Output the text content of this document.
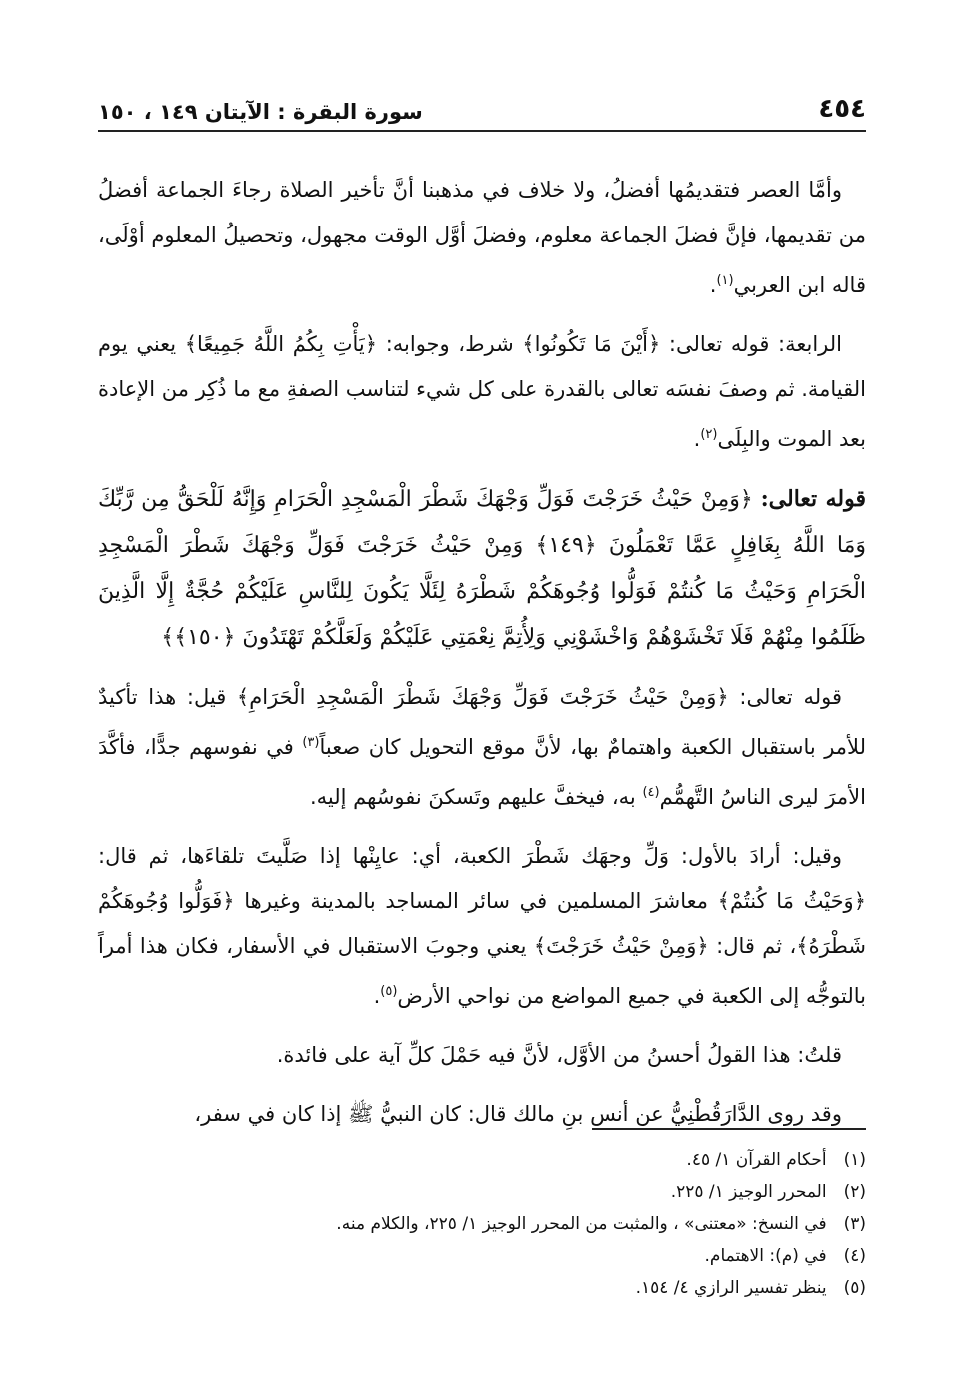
سورة البقرة : الآيتان ١٤٩ ، ١٥٠	٤٥٤

وأمَّا العصر فتقديمُها أفضلُ، ولا خلاف في مذهبنا أنَّ تأخير الصلاة رجاءَ الجماعة أفضلُ من تقديمها، فإنَّ فضلَ الجماعة معلوم، وفضلَ أوَّل الوقت مجهول، وتحصيلُ المعلوم أوْلَى، قاله ابن العربي$^{(١)}$.

الرابعة: قوله تعالى: ﴿أَيْنَ مَا تَكُونُوا﴾ شرط، وجوابه: ﴿يَأْتِ بِكُمُ اللَّهُ جَمِيعًا﴾ يعني يوم القيامة. ثم وصفَ نفسَه تعالى بالقدرة على كل شيء لتناسب الصفةِ مع ما ذُكِر من الإعادة بعد الموت والبِلَى$^{(٢)}$.

قوله تعالى: ﴿وَمِنْ حَيْثُ خَرَجْتَ فَوَلِّ وَجْهَكَ شَطْرَ الْمَسْجِدِ الْحَرَامِ وَإِنَّهُ لَلْحَقُّ مِن رَّبِّكَ وَمَا اللَّهُ بِغَافِلٍ عَمَّا تَعْمَلُونَ ﴿١٤٩﴾ وَمِنْ حَيْثُ خَرَجْتَ فَوَلِّ وَجْهَكَ شَطْرَ الْمَسْجِدِ الْحَرَامِ وَحَيْثُ مَا كُنتُمْ فَوَلُّوا وُجُوهَكُمْ شَطْرَهُ لِئَلَّا يَكُونَ لِلنَّاسِ عَلَيْكُمْ حُجَّةٌ إِلَّا الَّذِينَ ظَلَمُوا مِنْهُمْ فَلَا تَخْشَوْهُمْ وَاخْشَوْنِي وَلِأُتِمَّ نِعْمَتِي عَلَيْكُمْ وَلَعَلَّكُمْ تَهْتَدُونَ ﴿١٥٠﴾﴾

قوله تعالى: ﴿وَمِنْ حَيْثُ خَرَجْتَ فَوَلِّ وَجْهَكَ شَطْرَ الْمَسْجِدِ الْحَرَامِ﴾ قيل: هذا تأكيدٌ للأمر باستقبال الكعبة واهتمامٌ بها، لأنَّ موقع التحويل كان صعباً$^{(٣)}$ في نفوسهم جدًّا، فأكَّدَ الأمرَ ليرى الناسُ التَّهمُّم$^{(٤)}$ به، فيخفَّ عليهم وتَسكنَ نفوسُهم إليه.

وقيل: أرادَ بالأول: وَلِّ وجهَك شَطْرَ الكعبة، أي: عايِنْها إذا صَلَّيتَ تلقاءَها، ثم قال: ﴿وَحَيْثُ مَا كُنتُمْ﴾ معاشرَ المسلمين في سائر المساجد بالمدينة وغيرها ﴿فَوَلُّوا وُجُوهَكُمْ شَطْرَهُ﴾، ثم قال: ﴿وَمِنْ حَيْثُ خَرَجْتَ﴾ يعني وجوبَ الاستقبال في الأسفار، فكان هذا أمراً بالتوجُّه إلى الكعبة في جميع المواضع من نواحي الأرض$^{(٥)}$.

قلتُ: هذا القولُ أحسنُ من الأوَّل، لأنَّ فيه حَمْلَ كلِّ آية على فائدة.

وقد روى الدَّارَقُطْنِيُّ عن أنس بنِ مالك قال: كان النبيُّ ﷺ إذا كان في سفر،

(١) أحكام القرآن ١/ ٤٥.

(٢) المحرر الوجيز ١/ ٢٢٥.

(٣) في النسخ: «معتنى» ، والمثبت من المحرر الوجيز ١/ ٢٢٥، والكلام منه.

(٤) في (م): الاهتمام.

(٥) ينظر تفسير الرازي ٤/ ١٥٤.
